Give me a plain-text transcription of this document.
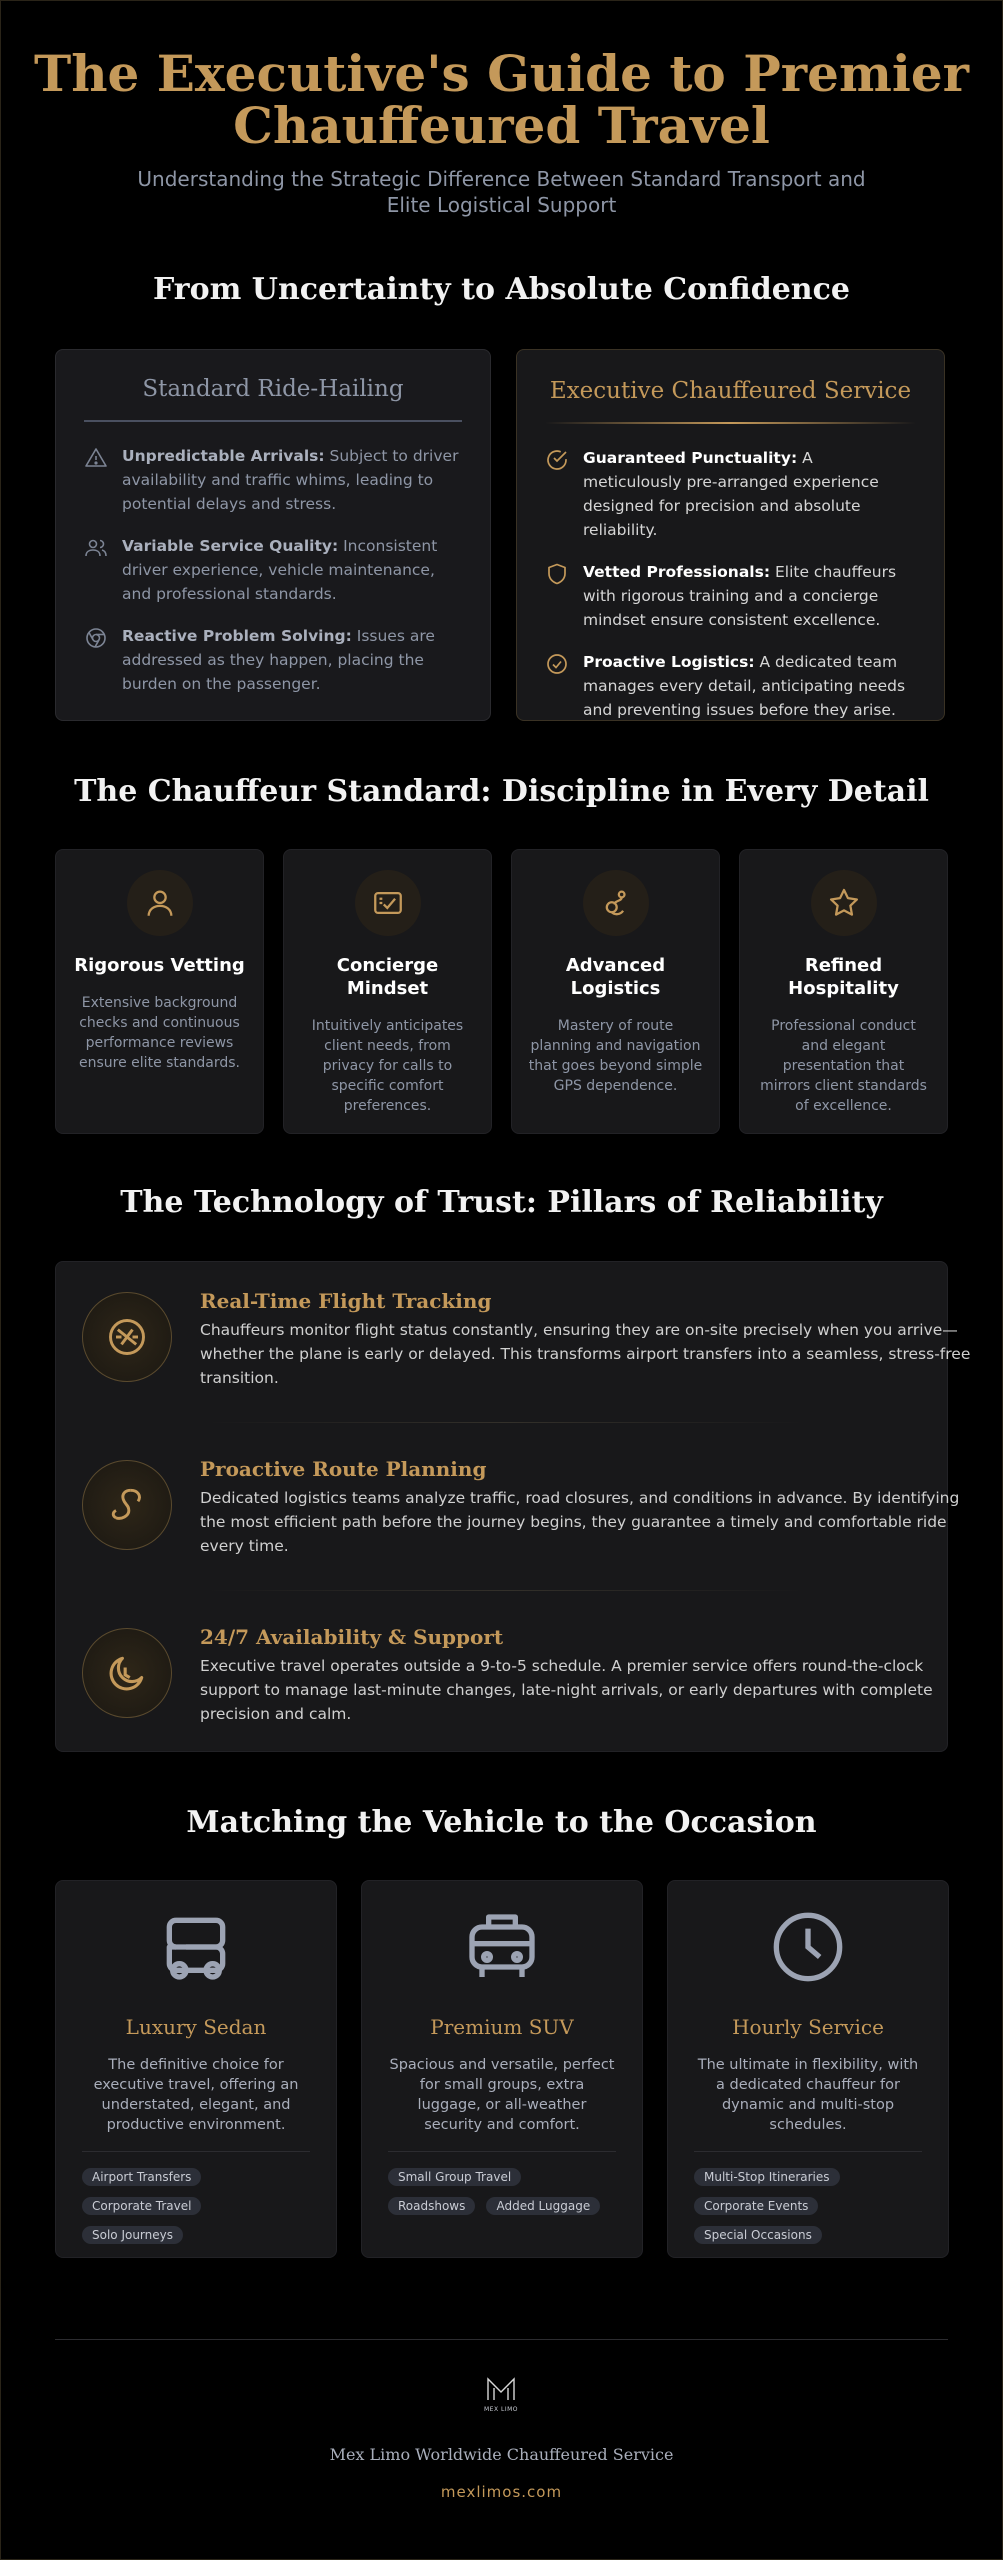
The Executive's Guide to Premier Chauffeured Travel

Understanding the Strategic Difference Between Standard Transport and Elite Logistical Support

From Uncertainty to Absolute Confidence
Standard Ride-Hailing
Unpredictable Arrivals: Subject to driver availability and traffic whims, leading to potential delays and stress.
Variable Service Quality: Inconsistent driver experience, vehicle maintenance, and professional standards.
Reactive Problem Solving: Issues are addressed as they happen, placing the burden on the passenger.
Executive Chauffeured Service
Guaranteed Punctuality: A meticulously pre-arranged experience designed for precision and absolute reliability.
Vetted Professionals: Elite chauffeurs with rigorous training and a concierge mindset ensure consistent excellence.
Proactive Logistics: A dedicated team manages every detail, anticipating needs and preventing issues before they arise.
The Chauffeur Standard: Discipline in Every Detail
Rigorous Vetting
Extensive background checks and continuous performance reviews ensure elite standards.
Concierge Mindset
Intuitively anticipates client needs, from privacy for calls to specific comfort preferences.
Advanced Logistics
Mastery of route planning and navigation that goes beyond simple GPS dependence.
Refined Hospitality
Professional conduct and elegant presentation that mirrors client standards of excellence.
The Technology of Trust: Pillars of Reliability
Real-Time Flight Tracking
Chauffeurs monitor flight status constantly, ensuring they are on-site precisely when you arrive—whether the plane is early or delayed. This transforms airport transfers into a seamless, stress-free transition.
Proactive Route Planning
Dedicated logistics teams analyze traffic, road closures, and conditions in advance. By identifying the most efficient path before the journey begins, they guarantee a timely and comfortable ride every time.
24/7 Availability & Support
Executive travel operates outside a 9-to-5 schedule. A premier service offers round-the-clock support to manage last-minute changes, late-night arrivals, or early departures with complete precision and calm.
Matching the Vehicle to the Occasion
Luxury Sedan
The definitive choice for executive travel, offering an understated, elegant, and productive environment.
Airport Transfers
Corporate Travel
Solo Journeys
Premium SUV
Spacious and versatile, perfect for small groups, extra luggage, or all-weather security and comfort.
Small Group Travel
Roadshows	Added Luggage
Hourly Service
The ultimate in flexibility, with a dedicated chauffeur for dynamic and multi-stop schedules.
Multi-Stop Itineraries
Corporate Events
Special Occasions
MEX LIMO
Mex Limo Worldwide Chauffeured Service
mexlimos.com
